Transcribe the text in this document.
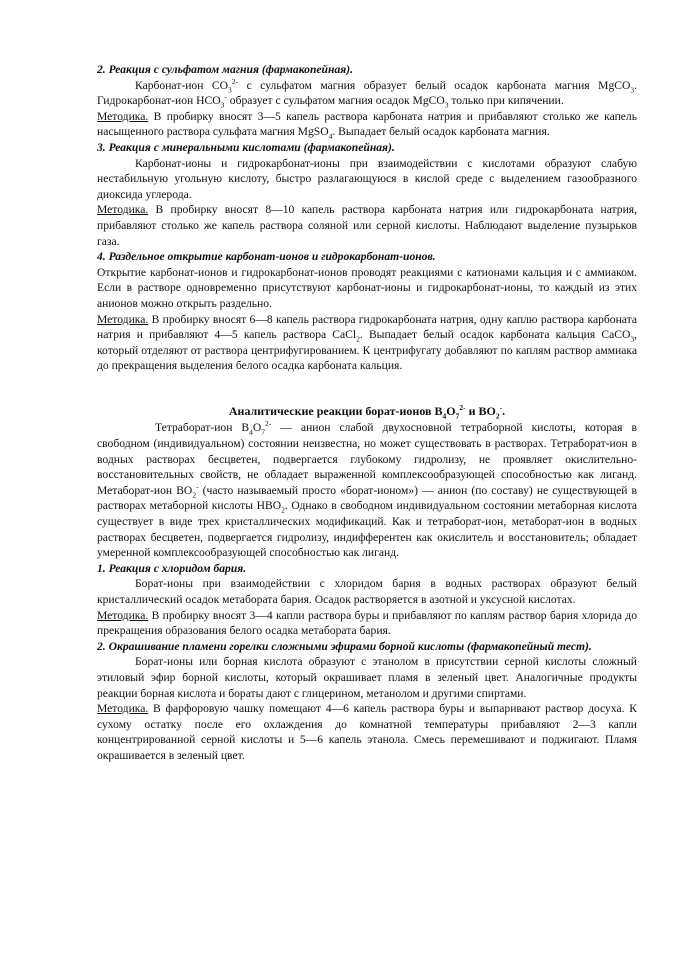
2. Реакция с сульфатом магния (фармакопейная).

Карбонат-ион $CO_3^{2-}$ с сульфатом магния образует белый осадок карбоната магния MgCO$_3$. Гидрокарбонат-ион $HCO_3^-$ образует с сульфатом магния осадок MgCO$_3$ только при кипячении.

Методика. В пробирку вносят 3—5 капель раствора карбоната натрия и прибавляют столько же капель насыщенного раствора сульфата магния MgSO$_4$. Выпадает белый осадок карбоната магния.

3. Реакция с минеральными кислотами (фармакопейная).

Карбонат-ионы и гидрокарбонат-ионы при взаимодействии с кислотами образуют слабую нестабильную угольную кислоту, быстро разлагающуюся в кислой среде с выделением газообразного диоксида углерода.

Методика. В пробирку вносят 8—10 капель раствора карбоната натрия или гидрокарбоната натрия, прибавляют столько же капель раствора соляной или серной кислоты. Наблюдают выделение пузырьков газа.

4. Раздельное открытие карбонат-ионов и гидрокарбонат-ионов.

Открытие карбонат-ионов и гидрокарбонат-ионов проводят реакциями с катионами кальция и с аммиаком. Если в растворе одновременно присутствуют карбонат-ионы и гидрокарбонат-ионы, то каждый из этих анионов можно открыть раздельно.

Методика. В пробирку вносят 6—8 капель раствора гидрокарбоната натрия, одну каплю раствора карбоната натрия и прибавляют 4—5 капель раствора CaCl$_2$. Выпадает белый осадок карбоната кальция CaCO$_3$, который отделяют от раствора центрифугированием. К центрифугату добавляют по каплям раствор аммиака до прекращения выделения белого осадка карбоната кальция.

Аналитические реакции борат-ионов $B_4O_7^{2-}$ и $BO_2^-$.

Тетраборат-ион $B_4O_7^{2-}$ — анион слабой двухосновной тетраборной кислоты, которая в свободном (индивидуальном) состоянии неизвестна, но может существовать в растворах. Тетраборат-ион в водных растворах бесцветен, подвергается глубокому гидролизу, не проявляет окислительно-восстановительных свойств, не обладает выраженной комплексообразующей способностью как лиганд. Метаборат-ион $BO_2^-$ (часто называемый просто «борат-ионом») — анион (по составу) не существующей в растворах метаборной кислоты $HBO_2$. Однако в свободном индивидуальном состоянии метаборная кислота существует в виде трех кристаллических модификаций. Как и тетраборат-ион, метаборат-ион в водных растворах бесцветен, подвергается гидролизу, индифферентен как окислитель и восстановитель; обладает умеренной комплексообразующей способностью как лиганд.

1. Реакция с хлоридом бария.

Борат-ионы при взаимодействии с хлоридом бария в водных растворах образуют белый кристаллический осадок метабората бария. Осадок растворяется в азотной и уксусной кислотах.

Методика. В пробирку вносят 3—4 капли раствора буры и прибавляют по каплям раствор бария хлорида до прекращения образования белого осадка метабората бария.

2. Окрашивание пламени горелки сложными эфирами борной кислоты (фармакопейный тест).

Борат-ионы или борная кислота образуют с этанолом в присутствии серной кислоты сложный этиловый эфир борной кислоты, который окрашивает пламя в зеленый цвет. Аналогичные продукты реакции борная кислота и бораты дают с глицерином, метанолом и другими спиртами.

Методика. В фарфоровую чашку помещают 4—6 капель раствора буры и выпаривают раствор досуха. К сухому остатку после его охлаждения до комнатной температуры прибавляют 2—3 капли концентрированной серной кислоты и 5—6 капель этанола. Смесь перемешивают и поджигают. Пламя окрашивается в зеленый цвет.
